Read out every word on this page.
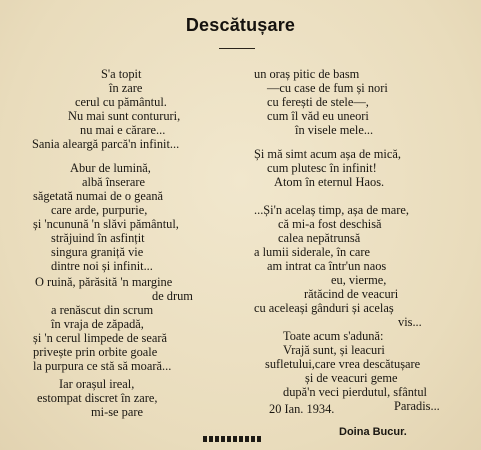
Descătușare
S'a topit
în zare
cerul cu pământul.
Nu mai sunt contururi,
nu mai e cărare...
Sania aleargă parcă'n infinit...
Abur de lumină,
albă înserare
săgetată numai de o geană
care arde, purpurie,
și 'ncunună 'n slăvi pământul,
străjuind în asfințit
singura graniță vie
dintre noi și infinit...
O ruină, părăsită 'n margine
de drum
a renăscut din scrum
în vraja de zăpadă,
și 'n cerul limpede de seară
privește prin orbite goale
la purpura ce stă să moară...
Iar orașul ireal,
estompat discret în zare,
mi-se pare
un oraș pitic de basm
—cu case de fum și nori
cu ferești de stele—,
cum îl văd eu uneori
în visele mele...
Și mă simt acum așa de mică,
cum plutesc în infinit!
Atom în eternul Haos.
...Și'n acelaș timp, așa de mare,
că mi-a fost deschisă
calea nepătrunsă
a lumii siderale, în care
am intrat ca într'un naos
eu, vierme,
rătăcind de veacuri
cu aceleași gânduri și acelaș
vis...
Toate acum s'adună:
Vrajă sunt, și leacuri
sufletului,care vrea descătușare
și de veacuri geme
după'n veci pierdutul, sfântul
Paradis...
20 Ian. 1934.
Doina Bucur.
